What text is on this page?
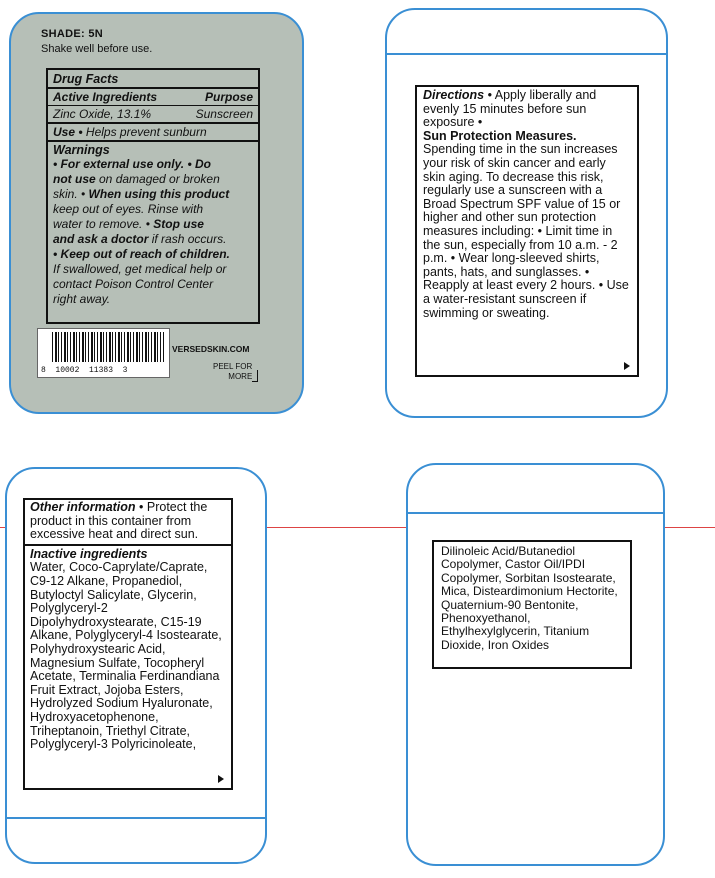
SHADE: 5N
Shake well before use.
Drug Facts
Active Ingredients	Purpose
Zinc Oxide, 13.1%	Sunscreen
Use • Helps prevent sunburn
Warnings
• For external use only. • Do
not use on damaged or broken
skin. • When using this product
keep out of eyes. Rinse with
water to remove. • Stop use
and ask a doctor if rash occurs.
• Keep out of reach of children.
If swallowed, get medical help or
contact Poison Control Center
right away.
8  10002  11383  3
VERSEDSKIN.COM
PEEL FOR
MORE
Directions • Apply liberally and evenly 15 minutes before sun exposure •
Sun Protection Measures.
Spending time in the sun increases your risk of skin cancer and early skin aging. To decrease this risk, regularly use a sunscreen with a Broad Spectrum SPF value of 15 or higher and other sun protection measures including: • Limit time in the sun, especially from 10 a.m. - 2 p.m. • Wear long-sleeved shirts, pants, hats, and sunglasses. • Reapply at least every 2 hours. • Use a water-resistant sunscreen if swimming or sweating.
Other information • Protect the product in this container from excessive heat and direct sun.
Inactive ingredients
Water, Coco-Caprylate/Caprate, C9-12 Alkane, Propanediol, Butyloctyl Salicylate, Glycerin, Polyglyceryl-2 Dipolyhydroxystearate, C15-19 Alkane, Polyglyceryl-4 Isostearate, Polyhydroxystearic Acid, Magnesium Sulfate, Tocopheryl Acetate, Terminalia Ferdinandiana Fruit Extract, Jojoba Esters, Hydrolyzed Sodium Hyaluronate, Hydroxyacetophenone, Triheptanoin, Triethyl Citrate, Polyglyceryl-3 Polyricinoleate,
Dilinoleic Acid/Butanediol Copolymer, Castor Oil/IPDI Copolymer, Sorbitan Isostearate, Mica, Disteardimonium Hectorite, Quaternium-90 Bentonite, Phenoxyethanol, Ethylhexylglycerin, Titanium Dioxide, Iron Oxides
